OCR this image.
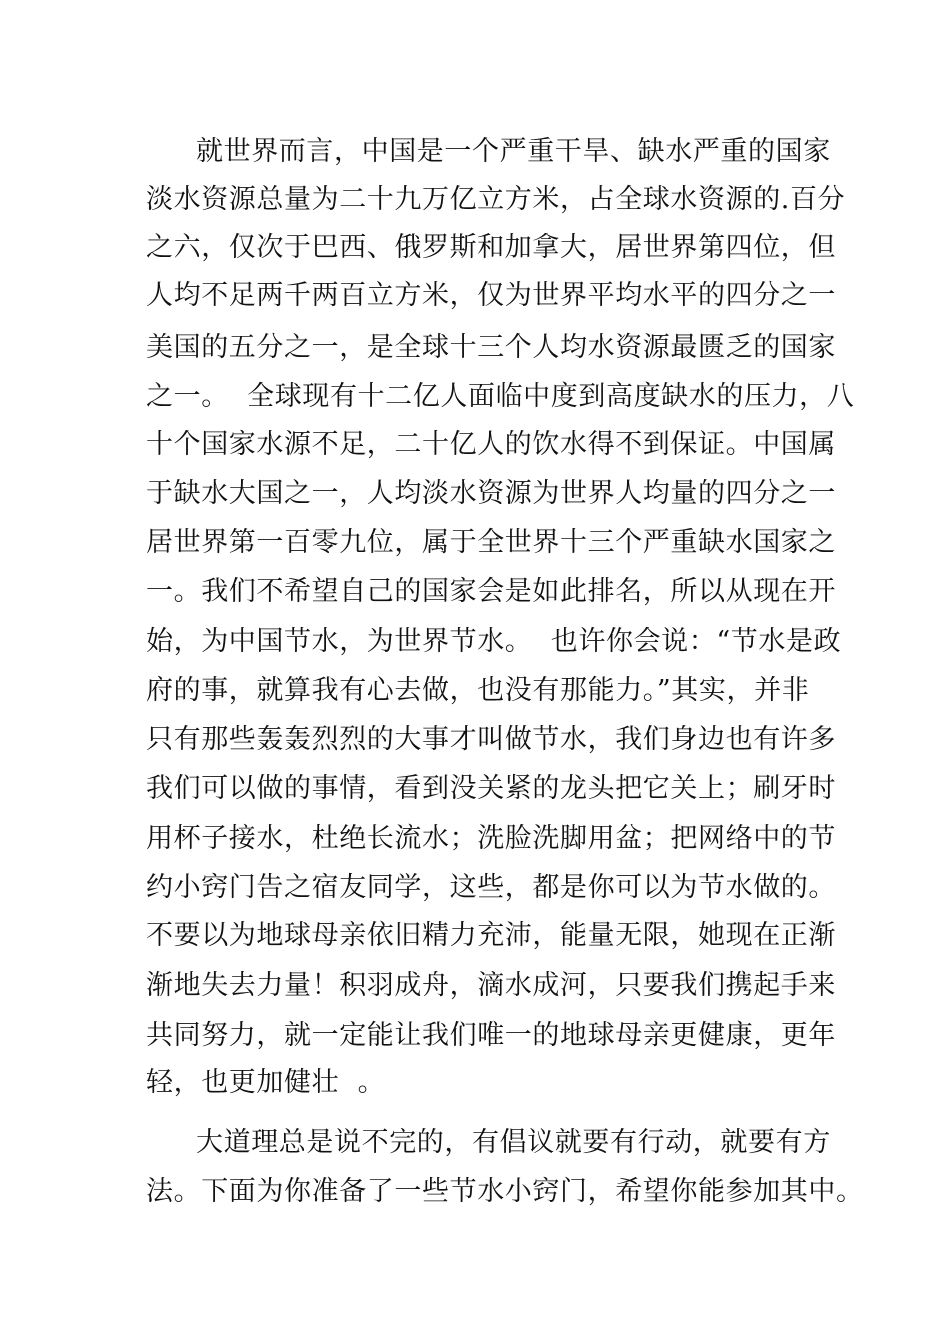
就世界而言，中国是一个严重干旱、缺水严重的国家
淡水资源总量为二十九万亿立方米，占全球水资源的.百分
之六，仅次于巴西、俄罗斯和加拿大，居世界第四位，但
人均不足两千两百立方米，仅为世界平均水平的四分之一
美国的五分之一，是全球十三个人均水资源最匮乏的国家
之一。  全球现有十二亿人面临中度到高度缺水的压力，八
十个国家水源不足，二十亿人的饮水得不到保证。中国属
于缺水大国之一，人均淡水资源为世界人均量的四分之一
居世界第一百零九位，属于全世界十三个严重缺水国家之
一。我们不希望自己的国家会是如此排名，所以从现在开
始，为中国节水，为世界节水。  也许你会说：“节水是政
府的事，就算我有心去做，也没有那能力。”其实，并非
只有那些轰轰烈烈的大事才叫做节水，我们身边也有许多
我们可以做的事情，看到没关紧的龙头把它关上；刷牙时
用杯子接水，杜绝长流水；洗脸洗脚用盆；把网络中的节
约小窍门告之宿友同学，这些，都是你可以为节水做的。
不要以为地球母亲依旧精力充沛，能量无限，她现在正渐
渐地失去力量！积羽成舟，滴水成河，只要我们携起手来
共同努力，就一定能让我们唯一的地球母亲更健康，更年
轻，也更加健壮  。
大道理总是说不完的，有倡议就要有行动，就要有方
法。下面为你准备了一些节水小窍门，希望你能参加其中。
